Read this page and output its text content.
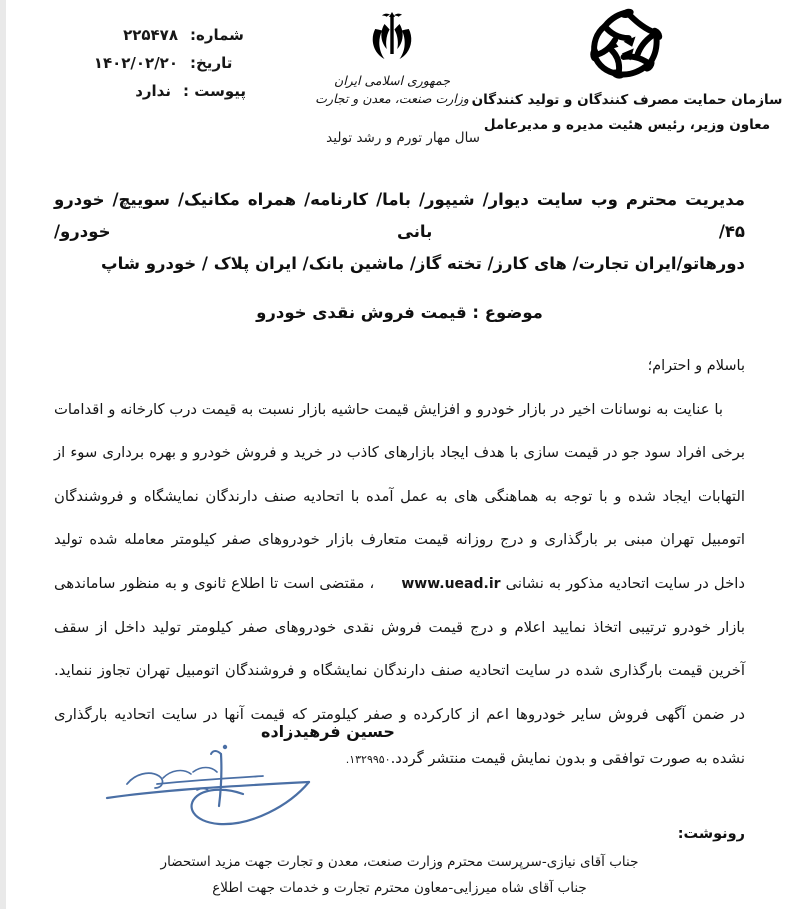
شماره:
۲۲۵۴۷۸
تاریخ:
۱۴۰۲/۰۲/۲۰
پیوست :
ندارد
جمهوری اسلامی ایران
وزارت صنعت، معدن و تجارت
سال مهار تورم و رشد تولید
سازمان حمایت مصرف کنندگان و تولید کنندگان
معاون وزیر، رئیس هئیت مدیره و مدیرعامل
مدیریت محترم وب سایت دیوار/ شیپور/ باما/ کارنامه/ همراه مکانیک/ سوییچ/ خودرو ۴۵/ بانی خودرو/
دورهاتو/ایران تجارت/ های کارز/ تخته گاز/ ماشین بانک/ ایران پلاک / خودرو شاپ
موضوع : قیمت فروش نقدی خودرو
باسلام و احترام؛

با عنایت به نوسانات اخیر در بازار خودرو و افزایش قیمت حاشیه بازار نسبت به قیمت درب کارخانه و اقدامات برخی افراد سود جو در قیمت سازی با هدف ایجاد بازارهای کاذب در خرید و فروش خودرو و بهره برداری سوء از التهابات ایجاد شده و با توجه به هماهنگی های به عمل آمده با اتحادیه صنف دارندگان نمایشگاه و فروشندگان اتومبیل تهران مبنی بر بارگذاری و درج روزانه قیمت متعارف بازار خودروهای صفر کیلومتر معامله شده تولید داخل در سایت اتحادیه مذکور به نشانی www.uead.ir ، مقتضی است تا اطلاع ثانوی و به منظور ساماندهی بازار خودرو ترتیبی اتخاذ نمایید اعلام و درج قیمت فروش نقدی خودروهای صفر کیلومتر تولید داخل از سقف آخرین قیمت بارگذاری شده در سایت اتحادیه صنف دارندگان نمایشگاه و فروشندگان اتومبیل تهران تجاوز ننماید. در ضمن آگهی فروش سایر خودروها اعم از کارکرده و صفر کیلومتر که قیمت آنها در سایت اتحادیه بارگذاری نشده به صورت توافقی و بدون نمایش قیمت منتشر گردد.۱۳۲۹۹۵۰.

حسین فرهیدزاده
رونوشت:
جناب آقای نیازی-سرپرست محترم وزارت صنعت، معدن و تجارت جهت مزید استحضار
جناب آقای شاه میرزایی-معاون محترم تجارت و خدمات جهت اطلاع
